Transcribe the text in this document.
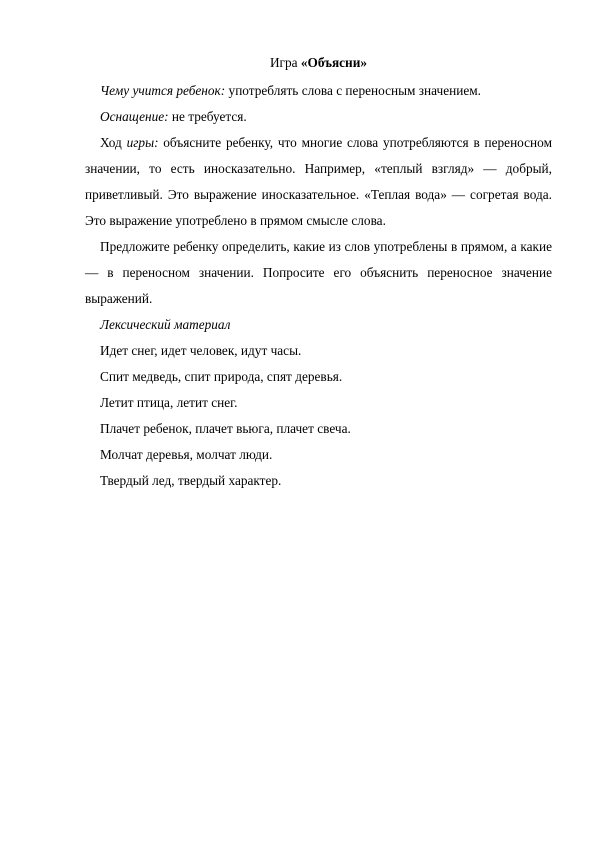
Игра «Объясни»

Чему учится ребенок: употреблять слова с переносным значением.

Оснащение: не требуется.

Ход игры: объясните ребенку, что многие слова употребляются в переносном значении, то есть иносказательно. Например, «теплый взгляд» — добрый, приветливый. Это выражение иносказательное. «Теплая вода» — согретая вода. Это выражение употреблено в прямом смысле слова.

Предложите ребенку определить, какие из слов употреблены в прямом, а какие — в переносном значении. Попросите его объяснить переносное значение выражений.

Лексический материал

Идет снег, идет человек, идут часы.

Спит медведь, спит природа, спят деревья.

Летит птица, летит снег.

Плачет ребенок, плачет вьюга, плачет свеча.

Молчат деревья, молчат люди.

Твердый лед, твердый характер.
